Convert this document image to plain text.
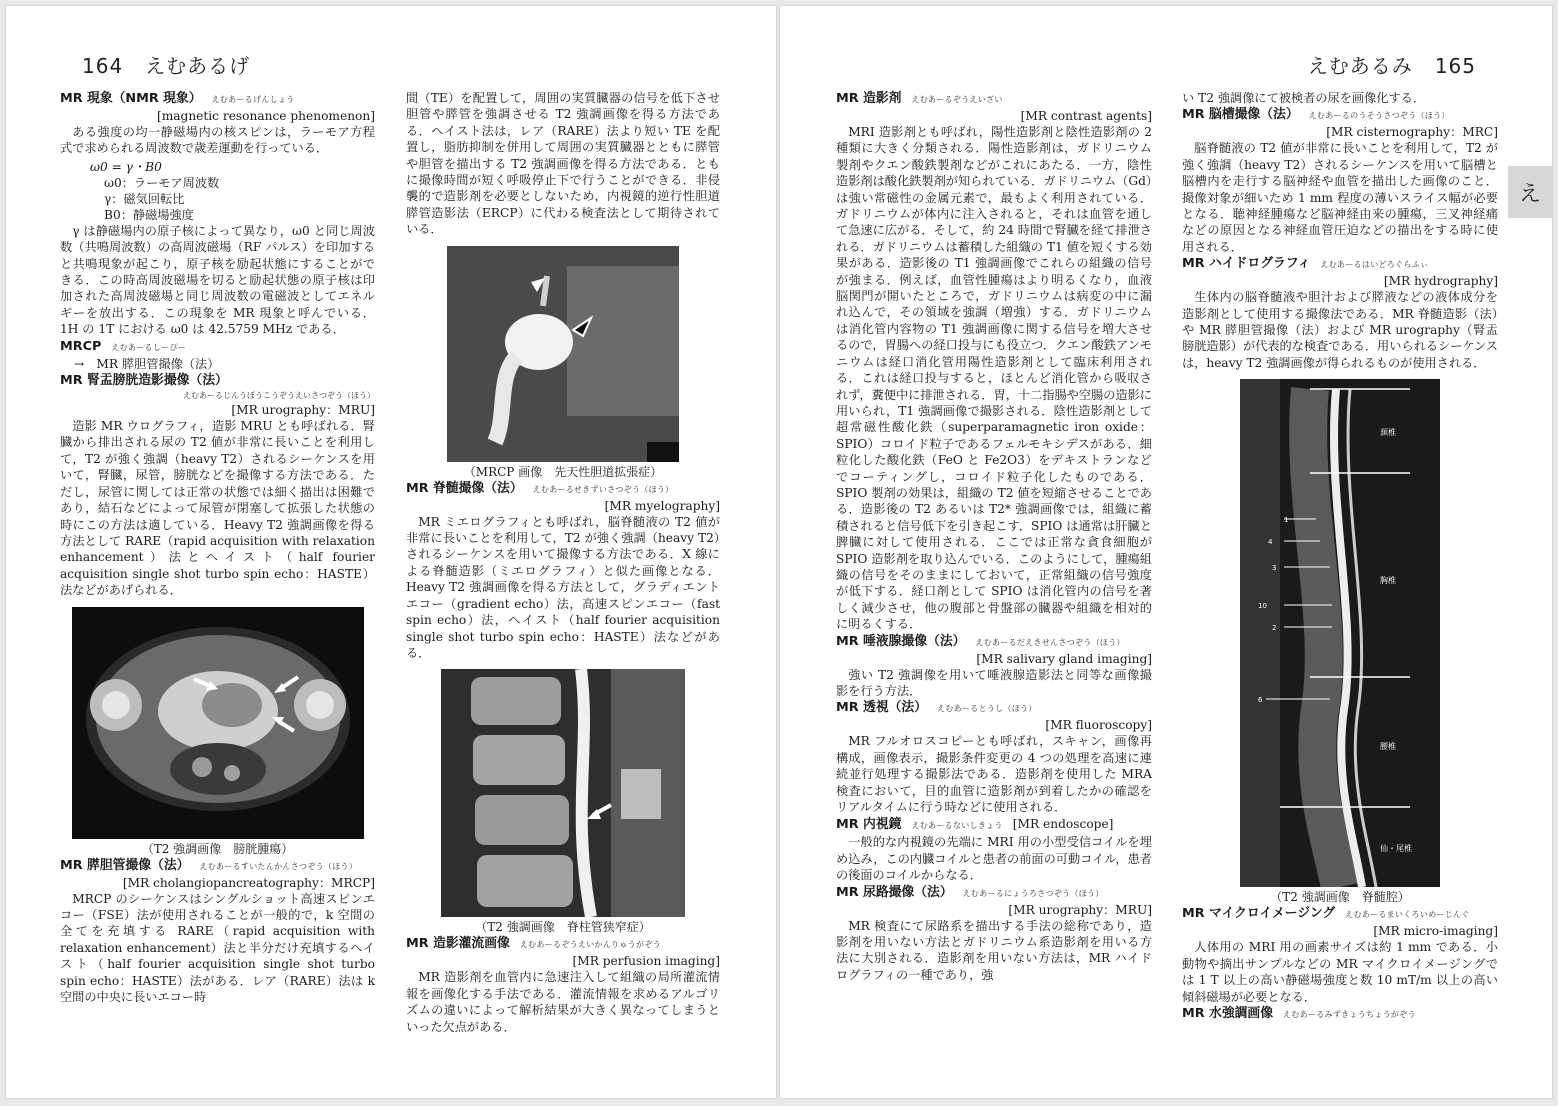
164 えむあるげ
MR 現象（NMR 現象） えむあーるげんしょう
[magnetic resonance phenomenon]

ある強度の均一静磁場内の核スピンは，ラーモア方程式で求められる周波数で歳差運動を行っている．

ω0 = γ・B0
ω0：ラーモア周波数
γ：磁気回転比
B0：静磁場強度

γ は静磁場内の原子核によって異なり，ω0 と同じ周波数（共鳴周波数）の高周波磁場（RF パルス）を印加すると共鳴現象が起こり，原子核を励起状態にすることができる．この時高周波磁場を切ると励起状態の原子核は印加された高周波磁場と同じ周波数の電磁波としてエネルギーを放出する．この現象を MR 現象と呼んでいる．1H の 1T における ω0 は 42.5759 MHz である．

MRCP えむあーるしーぴー
→　MR 膵胆管撮像（法）
MR 腎盂膀胱造影撮像（法）
えむあーるじんうぼうこうぞうえいさつぞう（ほう）
[MR urography：MRU]

造影 MR ウログラフィ，造影 MRU とも呼ばれる．腎臓から排出される尿の T2 値が非常に長いことを利用して，T2 が強く強調（heavy T2）されるシーケンスを用いて，腎臓，尿管，膀胱などを撮像する方法である．ただし，尿管に関しては正常の状態では細く描出は困難であり，結石などによって尿管が閉塞して拡張した状態の時にこの方法は適している．Heavy T2 強調画像を得る方法として RARE（rapid acquisition with relaxation enhancement）法とヘイスト（half fourier acquisition single shot turbo spin echo：HASTE）法などがあげられる．

（T2 強調画像　膀胱腫瘍）
MR 膵胆管撮像（法） えむあーるすいたんかんさつぞう（ほう）
[MR cholangiopancreatography：MRCP]

MRCP のシーケンスはシングルショット高速スピンエコー（FSE）法が使用されることが一般的で，k 空間の全てを充填する RARE（rapid acquisition with relaxation enhancement）法と半分だけ充填するヘイスト（half fourier acquisition single shot turbo spin echo：HASTE）法がある．レア（RARE）法は k 空間の中央に長いエコー時

間（TE）を配置して，周囲の実質臓器の信号を低下させ胆管や膵管を強調させる T2 強調画像を得る方法である．ヘイスト法は，レア（RARE）法より短い TE を配置し，脂肪抑制を併用して周囲の実質臓器とともに膵管や胆管を描出する T2 強調画像を得る方法である．ともに撮像時間が短く呼吸停止下で行うことができる．非侵襲的で造影剤を必要としないため，内視鏡的逆行性胆道膵管造影法（ERCP）に代わる検査法として期待されている．

（MRCP 画像　先天性胆道拡張症）
MR 脊髄撮像（法） えむあーるせきずいさつぞう（ほう）
[MR myelography]

MR ミエログラフィとも呼ばれ，脳脊髄液の T2 値が非常に長いことを利用して，T2 が強く強調（heavy T2）されるシーケンスを用いて撮像する方法である．X 線による脊髄造影（ミエログラフィ）と似た画像となる．Heavy T2 強調画像を得る方法として，グラディエントエコー（gradient echo）法，高速スピンエコー（fast spin echo）法，ヘイスト（half fourier acquisition single shot turbo spin echo：HASTE）法などがある．

（T2 強調画像　脊柱管狭窄症）
MR 造影灌流画像 えむあーるぞうえいかんりゅうがぞう
[MR perfusion imaging]

MR 造影剤を血管内に急速注入して組織の局所灌流情報を画像化する手法である．灌流情報を求めるアルゴリズムの違いによって解析結果が大きく異なってしまうといった欠点がある．

えむあるみ 165
え
MR 造影剤 えむあーるぞうえいざい
[MR contrast agents]

MRI 造影剤とも呼ばれ，陽性造影剤と陰性造影剤の 2 種類に大きく分類される．陽性造影剤は，ガドリニウム製剤やクエン酸鉄製剤などがこれにあたる．一方，陰性造影剤は酸化鉄製剤が知られている．ガドリニウム（Gd）は強い常磁性の金属元素で，最もよく利用されている．ガドリニウムが体内に注入されると，それは血管を通して急速に広がる．そして，約 24 時間で腎臓を経て排泄される．ガドリニウムは蓄積した組織の T1 値を短くする効果がある．造影後の T1 強調画像でこれらの組織の信号が強まる．例えば，血管性腫瘍はより明るくなり，血液脳関門が開いたところで，ガドリニウムは病変の中に漏れ込んで，その領域を強調（増強）する．ガドリニウムは消化管内容物の T1 強調画像に関する信号を増大させるので，胃腸への経口投与にも役立つ．クエン酸鉄アンモニウムは経口消化管用陽性造影剤として臨床利用される．これは経口投与すると，ほとんど消化管から吸収されず，糞便中に排泄される．胃，十二指腸や空腸の造影に用いられ，T1 強調画像で撮影される．陰性造影剤として超常磁性酸化鉄（superparamagnetic iron oxide：SPIO）コロイド粒子であるフェルモキシデスがある．細粒化した酸化鉄（FeO と Fe2O3）をデキストランなどでコーティングし，コロイド粒子化したものである．SPIO 製剤の効果は，組織の T2 値を短縮させることである．造影後の T2 あるいは T2* 強調画像では，組織に蓄積されると信号低下を引き起こす．SPIO は通常は肝臓と脾臓に対して使用される．ここでは正常な貪食細胞が SPIO 造影剤を取り込んでいる．このようにして，腫瘍組織の信号をそのままにしておいて，正常組織の信号強度が低下する．経口剤として SPIO は消化管内の信号を著しく減少させ，他の腹部と骨盤部の臓器や組織を相対的に明るくする．

MR 唾液腺撮像（法） えむあーるだえきせんさつぞう（ほう）
[MR salivary gland imaging]

強い T2 強調像を用いて唾液腺造影法と同等な画像撮影を行う方法．

MR 透視（法） えむあーるとうし（ほう）
[MR fluoroscopy]

MR フルオロスコピーとも呼ばれ，スキャン，画像再構成，画像表示，撮影条件変更の 4 つの処理を高速に連続並行処理する撮影法である．造影剤を使用した MRA 検査において，目的血管に造影剤が到着したかの確認をリアルタイムに行う時などに使用される．

MR 内視鏡 えむあーるないしきょう [MR endoscope]

一般的な内視鏡の先端に MRI 用の小型受信コイルを埋め込み，この内臓コイルと患者の前面の可動コイル，患者の後面のコイルからなる．

MR 尿路撮像（法） えむあーるにょうろさつぞう（ほう）
[MR urography：MRU]

MR 検査にて尿路系を描出する手法の総称であり，造影剤を用いない方法とガドリニウム系造影剤を用いる方法に大別される．造影剤を用いない方法は，MR ハイドログラフィの一種であり，強

い T2 強調像にて被検者の尿を画像化する．

MR 脳槽撮像（法） えむあーるのうそうさつぞう（ほう）
[MR cisternography：MRC]

脳脊髄液の T2 値が非常に長いことを利用して，T2 が強く強調（heavy T2）されるシーケンスを用いて脳槽と脳槽内を走行する脳神経や血管を描出した画像のこと．撮像対象が細いため 1 mm 程度の薄いスライス幅が必要となる．聴神経腫瘍など脳神経由来の腫瘍，三叉神経痛などの原因となる神経血管圧迫などの描出をする時に使用される．

MR ハイドログラフィ えむあーるはいどろぐらふぃ
[MR hydrography]

生体内の脳脊髄液や胆汁および膵液などの液体成分を造影剤として使用する撮像法である．MR 脊髄造影（法）や MR 膵胆管撮像（法）および MR urography（腎盂膀胱造影）が代表的な検査である．用いられるシーケンスは，heavy T2 強調画像が得られるものが使用される．

頚椎
胸椎
腰椎
仙・尾椎
1
4
3
10
2
6
（T2 強調画像　脊髄腔）
MR マイクロイメージング えむあーるまいくろいめーじんぐ
[MR micro-imaging]

人体用の MRI 用の画素サイズは約 1 mm である．小動物や摘出サンプルなどの MR マイクロイメージングでは 1 T 以上の高い静磁場強度と数 10 mT/m 以上の高い傾斜磁場が必要となる．

MR 水強調画像 えむあーるみずきょうちょうがぞう
